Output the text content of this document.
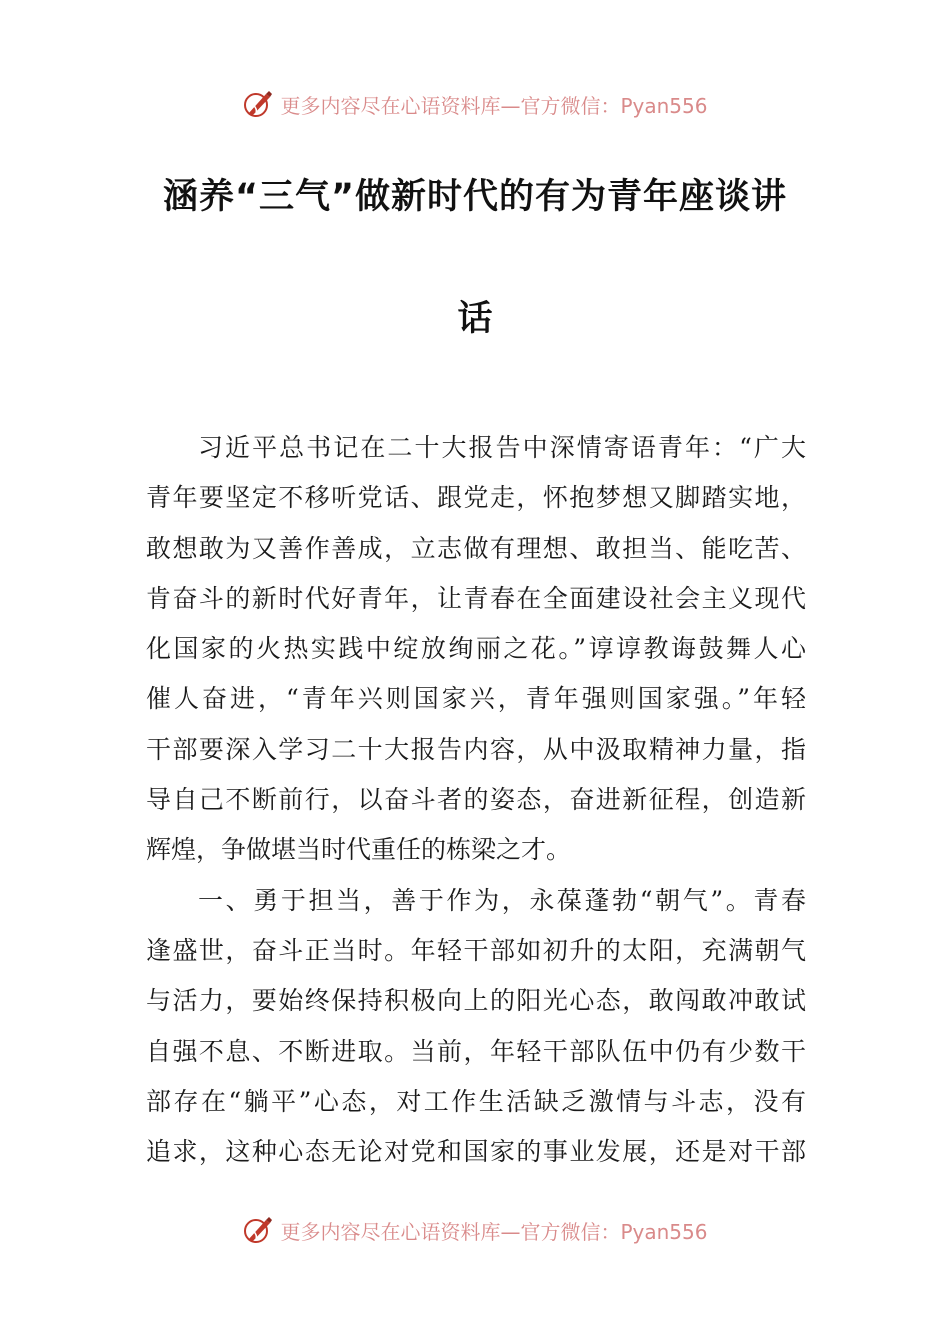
更多内容尽在心语资料库—官方微信：Pyan556
涵养“三气”做新时代的有为青年座谈讲
话
习近平总书记在二十大报告中深情寄语青年：“广大
青年要坚定不移听党话、跟党走，怀抱梦想又脚踏实地，
敢想敢为又善作善成，立志做有理想、敢担当、能吃苦、
肯奋斗的新时代好青年，让青春在全面建设社会主义现代
化国家的火热实践中绽放绚丽之花。”谆谆教诲鼓舞人心
催人奋进，“青年兴则国家兴，青年强则国家强。”年轻
干部要深入学习二十大报告内容，从中汲取精神力量，指
导自己不断前行，以奋斗者的姿态，奋进新征程，创造新
辉煌，争做堪当时代重任的栋梁之才。
一、勇于担当，善于作为，永葆蓬勃“朝气”。青春
逢盛世，奋斗正当时。年轻干部如初升的太阳，充满朝气
与活力，要始终保持积极向上的阳光心态，敢闯敢冲敢试
自强不息、不断进取。当前，年轻干部队伍中仍有少数干
部存在“躺平”心态，对工作生活缺乏激情与斗志，没有
追求，这种心态无论对党和国家的事业发展，还是对干部
更多内容尽在心语资料库—官方微信：Pyan556
